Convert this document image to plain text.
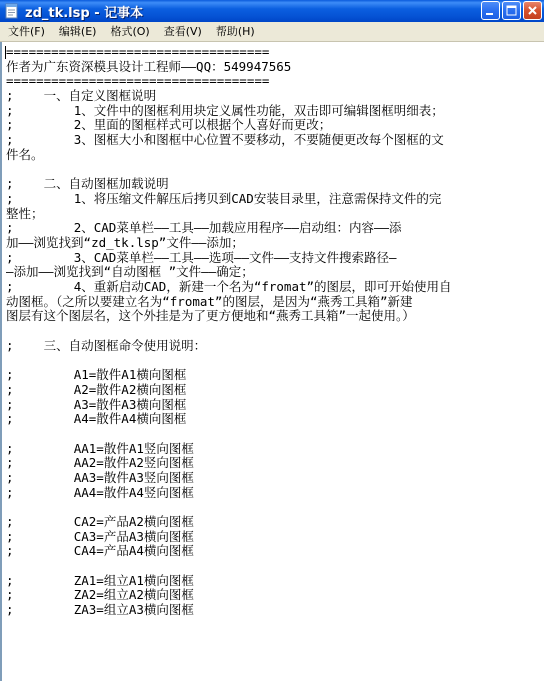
zd_tk.lsp - 记事本
文件(F)	编辑(E)	格式(O)	查看(V)	帮助(H)
===================================
作者为广东资深模具设计工程师——QQ：549947565
===================================
;    一、自定义图框说明
;        1、文件中的图框利用块定义属性功能，双击即可编辑图框明细表；
;        2、里面的图框样式可以根据个人喜好而更改；
;        3、图框大小和图框中心位置不要移动，不要随便更改每个图框的文
件名。
;    二、自动图框加载说明
;        1、将压缩文件解压后拷贝到CAD安装目录里，注意需保持文件的完
整性；
;        2、CAD菜单栏——工具——加载应用程序——启动组：内容——添
加——浏览找到“zd_tk.lsp”文件——添加；
;        3、CAD菜单栏——工具——选项——文件——支持文件搜索路径—
—添加——浏览找到“自动图框 ”文件——确定；
;        4、重新启动CAD，新建一个名为“fromat”的图层，即可开始使用自
动图框。（之所以要建立名为“fromat”的图层，是因为“燕秀工具箱”新建
图层有这个图层名，这个外挂是为了更方便地和“燕秀工具箱”一起使用。）
;    三、自动图框命令使用说明：
;        A1=散件A1横向图框
;        A2=散件A2横向图框
;        A3=散件A3横向图框
;        A4=散件A4横向图框
;        AA1=散件A1竖向图框
;        AA2=散件A2竖向图框
;        AA3=散件A3竖向图框
;        AA4=散件A4竖向图框
;        CA2=产品A2横向图框
;        CA3=产品A3横向图框
;        CA4=产品A4横向图框
;        ZA1=组立A1横向图框
;        ZA2=组立A2横向图框
;        ZA3=组立A3横向图框
